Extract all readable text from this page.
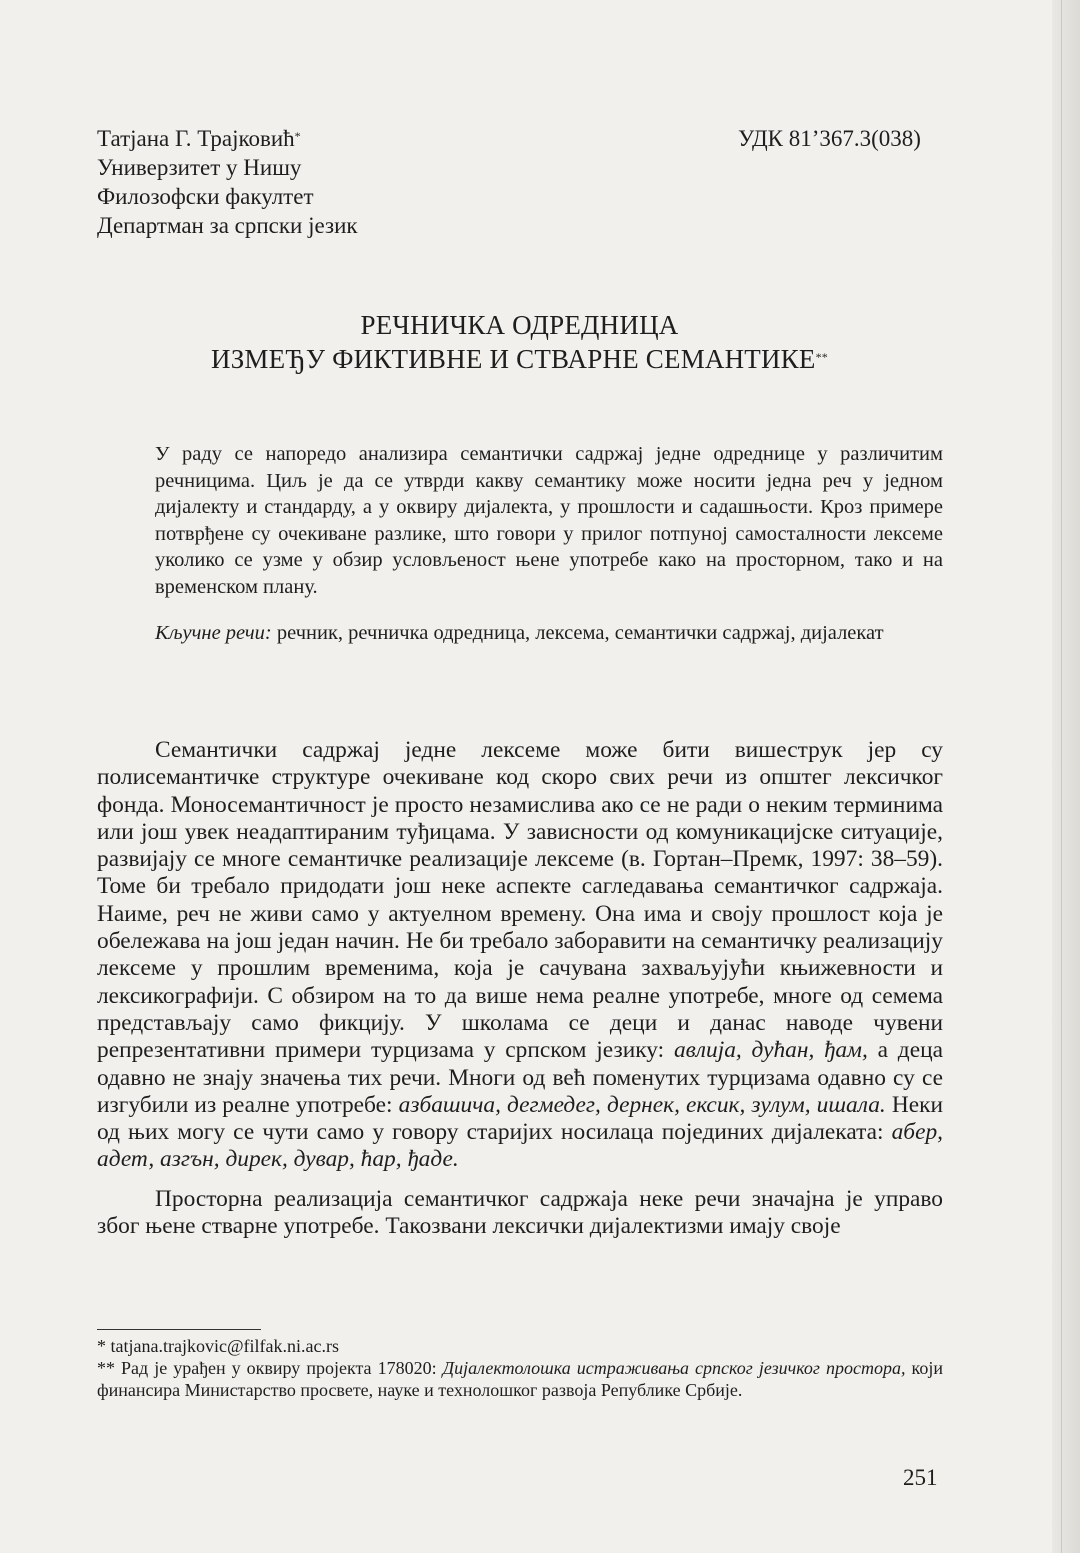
Татјана Г. Трајковић*
Универзитет у Нишу
Филозофски факултет
Департман за српски језик
УДК 81’367.3(038)
РЕЧНИЧКА ОДРЕДНИЦА
ИЗМЕЂУ ФИКТИВНЕ И СТВАРНЕ СЕМАНТИКЕ**

У раду се напоредо анализира семантички садржај једне одреднице у различитим речницима. Циљ је да се утврди какву семантику може носити једна реч у једном дијалекту и стандарду, а у оквиру дијалекта, у прошлости и садашњости. Кроз примере потврђене су очекиване разлике, што говори у прилог потпуној самосталности лексеме уколико се узме у обзир условљеност њене употребе како на просторном, тако и на временском плану.

Кључне речи: речник, речничка одредница, лексема, семантички садржај, дијалекат

Семантички садржај једне лексеме може бити вишеструк јер су полисемантичке структуре очекиване код скоро свих речи из општег лексичког фонда. Моносемантичност је просто незамислива ако се не ради о неким терминима или још увек неадаптираним туђицама. У зависности од комуникацијске ситуације, развијају се многе семантичке реализације лексеме (в. Гортан–Премк, 1997: 38–59). Томе би требало придодати још неке аспекте сагледавања семантичког садржаја. Наиме, реч не живи само у актуелном времену. Она има и своју прошлост која је обележава на још један начин. Не би требало заборавити на семантичку реализацију лексеме у прошлим временима, која је сачувана захваљујући књижевности и лексикографији. С обзиром на то да више нема реалне употребе, многе од семема представљају само фикцију. У школама се деци и данас наводе чувени репрезентативни примери турцизама у српском језику: авлија, дућан, ђам, а деца одавно не знају значења тих речи. Многи од већ поменутих турцизама одавно су се изгубили из реалне употребе: азбашича, дегмедег, дернек, ексик, зулум, ишала. Неки од њих могу се чути само у говору старијих носилаца појединих дијалеката: абер, адет, азгън, дирек, дувар, ћар, ђаде.

Просторна реализација семантичког садржаја неке речи значајна је управо због њене стварне употребе. Такозвани лексички дијалектизми имају своје

* tatjana.trajkovic@filfak.ni.ac.rs

** Рад је урађен у оквиру пројекта 178020: Дијалектолошка истраживања српског језичког простора, који финансира Министарство просвете, науке и технолошког развоја Републике Србије.

251
